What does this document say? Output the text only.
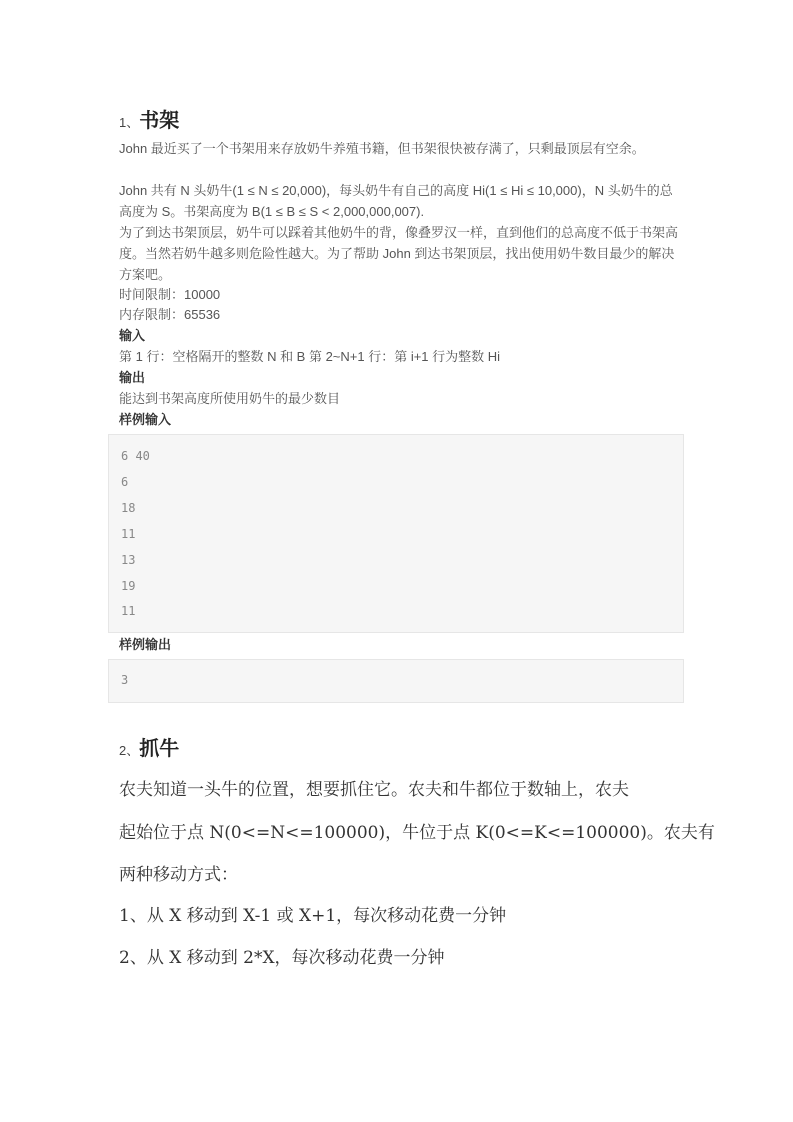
1、书架
John 最近买了一个书架用来存放奶牛养殖书籍，但书架很快被存满了，只剩最顶层有空余。
John 共有 N 头奶牛(1 ≤ N ≤ 20,000)，每头奶牛有自己的高度 Hi(1 ≤ Hi ≤ 10,000)，N 头奶牛的总高度为 S。书架高度为 B(1 ≤ B ≤ S < 2,000,000,007).
为了到达书架顶层，奶牛可以踩着其他奶牛的背，像叠罗汉一样，直到他们的总高度不低于书架高度。当然若奶牛越多则危险性越大。为了帮助 John 到达书架顶层，找出使用奶牛数目最少的解决方案吧。
时间限制：10000
内存限制：65536
输入
第 1 行：空格隔开的整数 N 和 B 第 2~N+1 行：第 i+1 行为整数 Hi
输出
能达到书架高度所使用奶牛的最少数目
样例输入
6 40
6
18
11
13
19
11
样例输出
3
2、抓牛
农夫知道一头牛的位置，想要抓住它。农夫和牛都位于数轴上，农夫
起始位于点 N(0<=N<=100000)，牛位于点 K(0<=K<=100000)。农夫有
两种移动方式：
1、从 X 移动到 X-1 或 X+1，每次移动花费一分钟
2、从 X 移动到 2*X，每次移动花费一分钟
